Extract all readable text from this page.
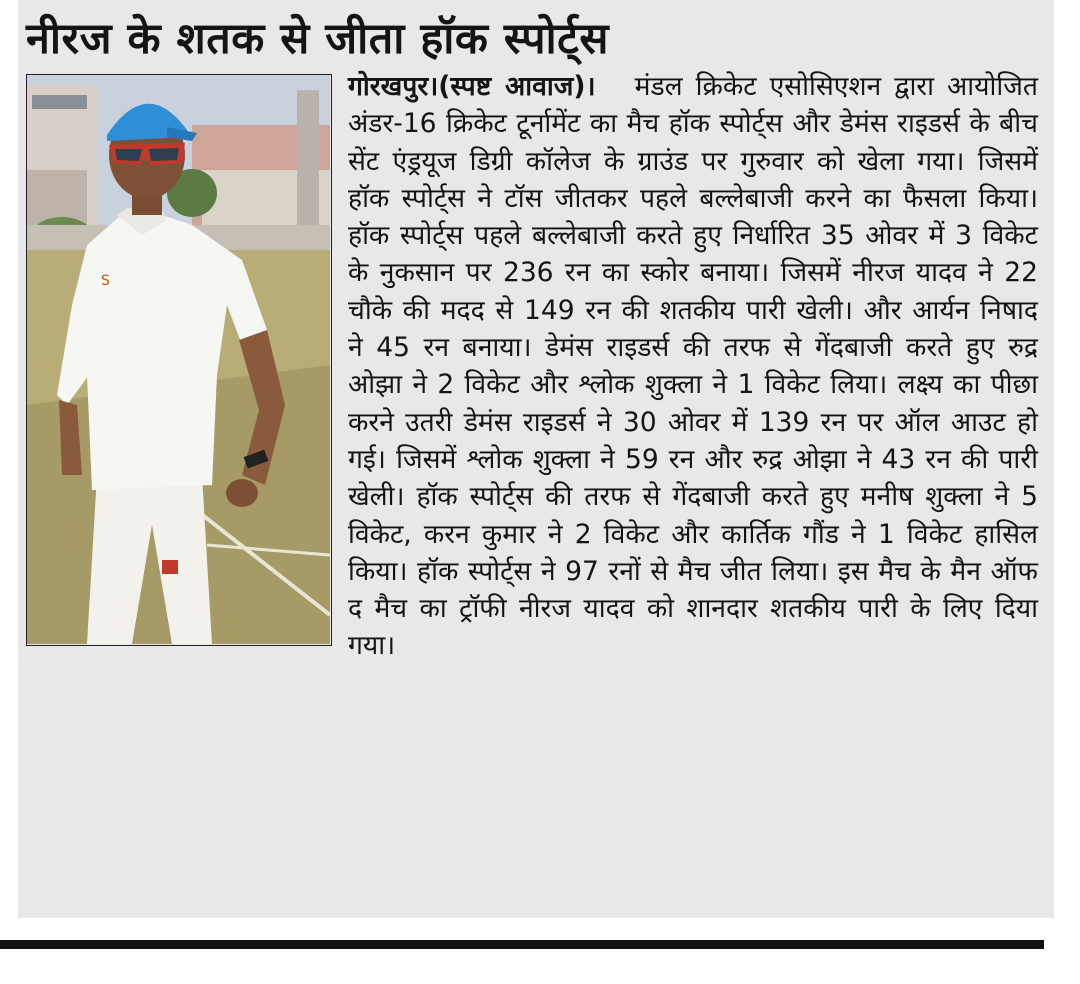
नीरज के शतक से जीता हॉक स्पोर्ट्स

गोरखपुर।(स्पष्ट आवाज)।
S
मंडल क्रिकेट एसोसिएशन द्वारा आयोजित अंडर-16 क्रिकेट टूर्नामेंट का मैच हॉक स्पोर्ट्स और डेमंस राइडर्स के बीच सेंट एंड्रयूज डिग्री कॉलेज के ग्राउंड पर गुरुवार को खेला गया। जिसमें हॉक स्पोर्ट्स ने टॉस जीतकर पहले बल्लेबाजी करने का फैसला किया। हॉक स्पोर्ट्स पहले बल्लेबाजी करते हुए निर्धारित 35 ओवर में 3 विकेट के नुकसान पर 236 रन का स्कोर बनाया। जिसमें नीरज यादव ने 22 चौके की मदद से 149 रन की शतकीय पारी खेली। और आर्यन निषाद ने 45 रन बनाया। डेमंस राइडर्स की तरफ से गेंदबाजी करते हुए रुद्र ओझा ने 2 विकेट और श्लोक शुक्ला ने 1 विकेट लिया। लक्ष्य का पीछा करने उतरी डेमंस राइडर्स ने 30 ओवर में 139 रन पर ऑल आउट हो गई। जिसमें श्लोक शुक्ला ने 59 रन और रुद्र ओझा ने 43 रन की पारी खेली। हॉक स्पोर्ट्स की तरफ से गेंदबाजी करते हुए मनीष शुक्ला ने 5 विकेट, करन कुमार ने 2 विकेट और कार्तिक गौंड ने 1 विकेट हासिल किया। हॉक स्पोर्ट्स ने 97 रनों से मैच जीत लिया। इस मैच के मैन ऑफ द मैच का ट्रॉफी नीरज यादव को शानदार शतकीय पारी के लिए दिया गया।
